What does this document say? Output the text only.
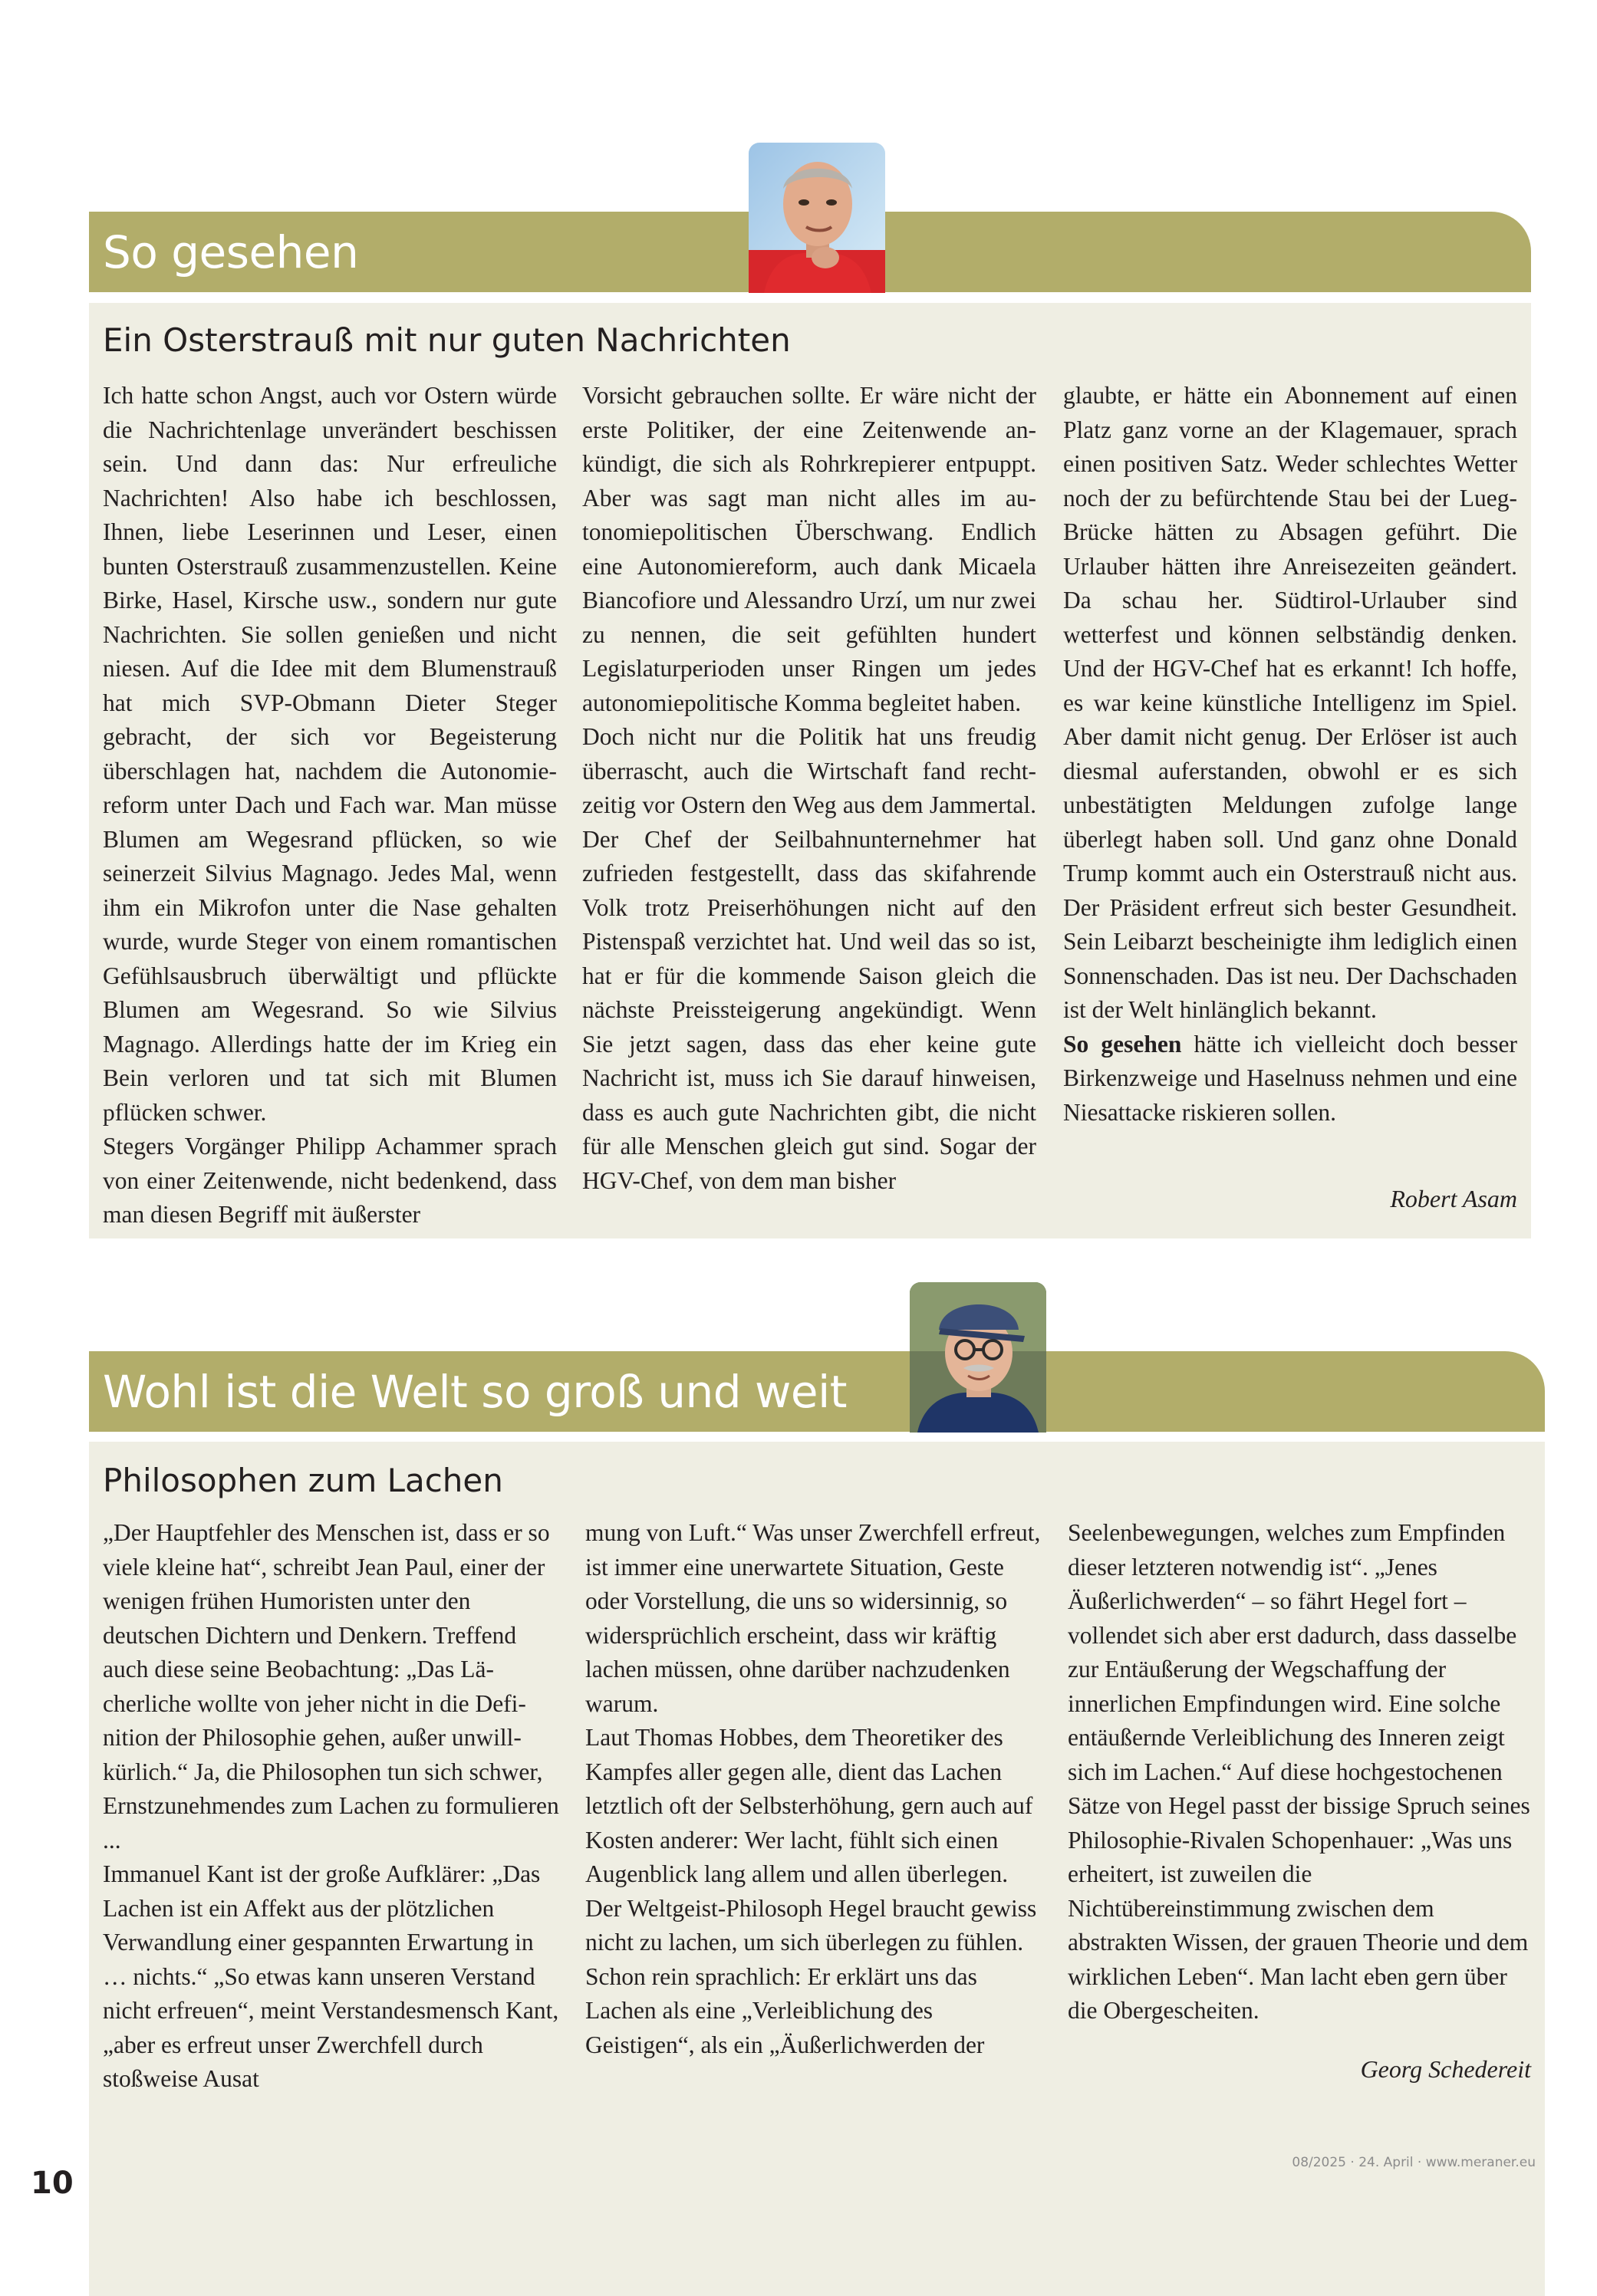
So gesehen
Ein Osterstrauß mit nur guten Nachrichten

Ich hatte schon Angst, auch vor Ostern würde die Nachrichtenlage unverändert beschissen sein. Und dann das: Nur erfreuliche Nachrichten! Also habe ich beschlossen, Ihnen, liebe Leserinnen und Leser, einen bunten Osterstrauß zusammenzustellen. Keine Birke, Hasel, Kirsche usw., sondern nur gute Nachrichten. Sie sollen genießen und nicht niesen. Auf die Idee mit dem Blumenstrauß hat mich SVP-Obmann Dieter Steger gebracht, der sich vor Begeisterung überschlagen hat, nachdem die Autonomiereform unter Dach und Fach war. Man müsse Blumen am Wegesrand pflücken, so wie seinerzeit Silvius Magnago. Jedes Mal, wenn ihm ein Mikrofon unter die Nase gehalten wurde, wurde Steger von einem romantischen Gefühlsausbruch überwältigt und pflückte Blumen am Wegesrand. So wie Silvius Magnago. Allerdings hatte der im Krieg ein Bein verloren und tat sich mit Blumen pflücken schwer.

Stegers Vorgänger Philipp Achammer sprach von einer Zeitenwende, nicht bedenkend, dass man diesen Begriff mit äußerster

Vorsicht gebrauchen sollte. Er wäre nicht der erste Politiker, der eine Zeitenwende ankündigt, die sich als Rohrkrepierer entpuppt. Aber was sagt man nicht alles im autonomiepolitischen Überschwang. Endlich eine Autonomiereform, auch dank Micaela Biancofiore und Alessandro Urzí, um nur zwei zu nennen, die seit gefühlten hundert Legislaturperioden unser Ringen um jedes autonomiepolitische Komma begleitet haben.

Doch nicht nur die Politik hat uns freudig überrascht, auch die Wirtschaft fand rechtzeitig vor Ostern den Weg aus dem Jammertal. Der Chef der Seilbahnunternehmer hat zufrieden festgestellt, dass das skifahrende Volk trotz Preiserhöhungen nicht auf den Pistenspaß verzichtet hat. Und weil das so ist, hat er für die kommende Saison gleich die nächste Preissteigerung angekündigt. Wenn Sie jetzt sagen, dass das eher keine gute Nachricht ist, muss ich Sie darauf hinweisen, dass es auch gute Nachrichten gibt, die nicht für alle Menschen gleich gut sind. Sogar der HGV-Chef, von dem man bisher

glaubte, er hätte ein Abonnement auf einen Platz ganz vorne an der Klagemauer, sprach einen positiven Satz. Weder schlechtes Wetter noch der zu befürchtende Stau bei der Lueg-Brücke hätten zu Absagen geführt. Die Urlauber hätten ihre Anreisezeiten geändert. Da schau her. Südtirol-Urlauber sind wetterfest und können selbständig denken. Und der HGV-Chef hat es erkannt! Ich hoffe, es war keine künstliche Intelligenz im Spiel. Aber damit nicht genug. Der Erlöser ist auch diesmal auferstanden, obwohl er es sich unbestätigten Meldungen zufolge lange überlegt haben soll. Und ganz ohne Donald Trump kommt auch ein Osterstrauß nicht aus. Der Präsident erfreut sich bester Gesundheit. Sein Leibarzt bescheinigte ihm lediglich einen Sonnenschaden. Das ist neu. Der Dachschaden ist der Welt hinlänglich bekannt.

So gesehen hätte ich vielleicht doch besser Birkenzweige und Haselnuss nehmen und eine Niesattacke riskieren sollen.

Robert Asam
Wohl ist die Welt so groß und weit
Philosophen zum Lachen

„Der Hauptfehler des Menschen ist, dass er so viele kleine hat“, schreibt Jean Paul, einer der wenigen frühen Humoristen unter den deutschen Dichtern und Denkern. Treffend auch diese seine Beobachtung: „Das Lächerliche wollte von jeher nicht in die Definition der Philosophie gehen, außer unwillkürlich.“ Ja, die Philosophen tun sich schwer, Ernstzunehmendes zum Lachen zu formulieren ...

Immanuel Kant ist der große Aufklärer: „Das Lachen ist ein Affekt aus der plötzlichen Verwandlung einer gespannten Erwartung in … nichts.“ „So etwas kann unseren Verstand nicht erfreuen“, meint Verstandesmensch Kant, „aber es erfreut unser Zwerchfell durch stoßweise Ausat

mung von Luft.“ Was unser Zwerchfell erfreut, ist immer eine unerwartete Situation, Geste oder Vorstellung, die uns so widersinnig, so widersprüchlich erscheint, dass wir kräftig lachen müssen, ohne darüber nachzudenken warum.

Laut Thomas Hobbes, dem Theoretiker des Kampfes aller gegen alle, dient das Lachen letztlich oft der Selbsterhöhung, gern auch auf Kosten anderer: Wer lacht, fühlt sich einen Augenblick lang allem und allen überlegen.

Der Weltgeist-Philosoph Hegel braucht gewiss nicht zu lachen, um sich überlegen zu fühlen. Schon rein sprachlich: Er erklärt uns das Lachen als eine „Verleiblichung des Geistigen“, als ein „Äußerlichwerden der

Seelenbewegungen, welches zum Empfinden dieser letzteren notwendig ist“. „Jenes Äußerlichwerden“ – so fährt Hegel fort – vollendet sich aber erst dadurch, dass dasselbe zur Entäußerung der Wegschaffung der innerlichen Empfindungen wird. Eine solche entäußernde Verleiblichung des Inneren zeigt sich im Lachen.“ Auf diese hochgestochenen Sätze von Hegel passt der bissige Spruch seines Philosophie-Rivalen Schopenhauer: „Was uns erheitert, ist zuweilen die Nichtübereinstimmung zwischen dem abstrakten Wissen, der grauen Theorie und dem wirklichen Leben“. Man lacht eben gern über die Obergescheiten.

Georg Schedereit
10
08/2025 · 24. April · www.meraner.eu
